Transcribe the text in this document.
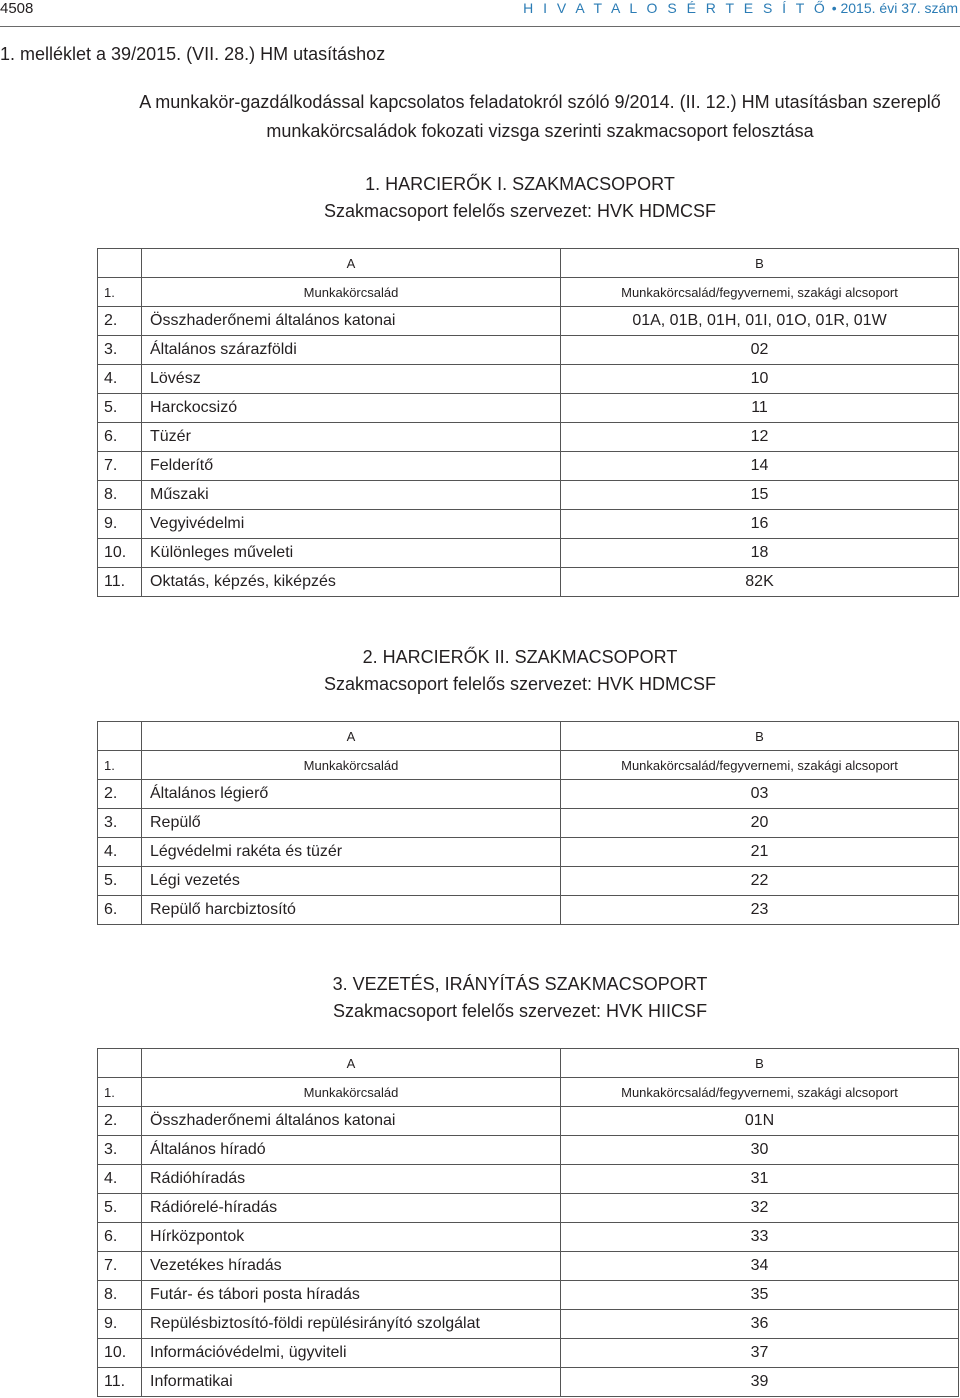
4508	H I V A T A L O S É R T E S Í T Ő • 2015. évi 37. szám
1. melléklet a 39/2015. (VII. 28.) HM utasításhoz
A munkakör-gazdálkodással kapcsolatos feladatokról szóló 9/2014. (II. 12.) HM utasításban szereplő
munkakörcsaládok fokozati vizsga szerinti szakmacsoport felosztása
1. HARCIERŐK I. SZAKMACSOPORT
Szakmacsoport felelős szervezet: HVK HDMCSF
	A	B
1.	Munkakörcsalád	Munkakörcsalád/fegyvernemi, szakági alcsoport
2.	Összhaderőnemi általános katonai	01A, 01B, 01H, 01I, 01O, 01R, 01W
3.	Általános szárazföldi	02
4.	Lövész	10
5.	Harckocsizó	11
6.	Tüzér	12
7.	Felderítő	14
8.	Műszaki	15
9.	Vegyivédelmi	16
10.	Különleges műveleti	18
11.	Oktatás, képzés, kiképzés	82K
2. HARCIERŐK II. SZAKMACSOPORT
Szakmacsoport felelős szervezet: HVK HDMCSF
	A	B
1.	Munkakörcsalád	Munkakörcsalád/fegyvernemi, szakági alcsoport
2.	Általános légierő	03
3.	Repülő	20
4.	Légvédelmi rakéta és tüzér	21
5.	Légi vezetés	22
6.	Repülő harcbiztosító	23
3. VEZETÉS, IRÁNYÍTÁS SZAKMACSOPORT
Szakmacsoport felelős szervezet: HVK HIICSF
	A	B
1.	Munkakörcsalád	Munkakörcsalád/fegyvernemi, szakági alcsoport
2.	Összhaderőnemi általános katonai	01N
3.	Általános híradó	30
4.	Rádióhíradás	31
5.	Rádiórelé-híradás	32
6.	Hírközpontok	33
7.	Vezetékes híradás	34
8.	Futár- és tábori posta híradás	35
9.	Repülésbiztosító-földi repülésirányító szolgálat	36
10.	Információvédelmi, ügyviteli	37
11.	Informatikai	39
